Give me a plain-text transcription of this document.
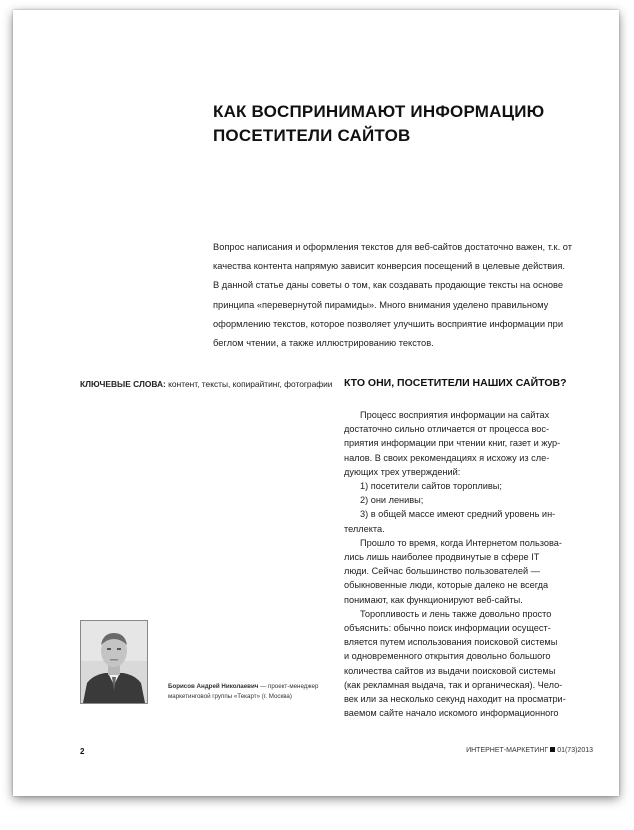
КАК ВОСПРИНИМАЮТ ИНФОРМАЦИЮ
ПОСЕТИТЕЛИ САЙТОВ
Вопрос написания и оформления текстов для веб-сайтов достаточно важен, т.к. от
качества контента напрямую зависит конверсия посещений в целевые действия.
В данной статье даны советы о том, как создавать продающие тексты на основе
принципа «перевернутой пирамиды». Много внимания уделено правильному
оформлению текстов, которое позволяет улучшить восприятие информации при
беглом чтении, а также иллюстрированию текстов.
КЛЮЧЕВЫЕ СЛОВА: контент, тексты, копирайтинг, фотографии
Борисов Андрей Николаевич — проект-менеджер
маркетинговой группы «Текарт» (г. Москва)
КТО ОНИ, ПОСЕТИТЕЛИ НАШИХ САЙТОВ?
Процесс восприятия информации на сайтах
достаточно сильно отличается от процесса вос-
приятия информации при чтении книг, газет и жур-
налов. В своих рекомендациях я исхожу из сле-
дующих трех утверждений:
1) посетители сайтов торопливы;
2) они ленивы;
3) в общей массе имеют средний уровень ин-
теллекта.
Прошло то время, когда Интернетом пользова-
лись лишь наиболее продвинутые в сфере IT
люди. Сейчас большинство пользователей —
обыкновенные люди, которые далеко не всегда
понимают, как функционируют веб-сайты.
Торопливость и лень также довольно просто
объяснить: обычно поиск информации осущест-
вляется путем использования поисковой системы
и одновременного открытия довольно большого
количества сайтов из выдачи поисковой системы
(как рекламная выдача, так и органическая). Чело-
век или за несколько секунд находит на просматри-
ваемом сайте начало искомого информационного
2	ИНТЕРНЕТ-МАРКЕТИНГ 01(73)2013
